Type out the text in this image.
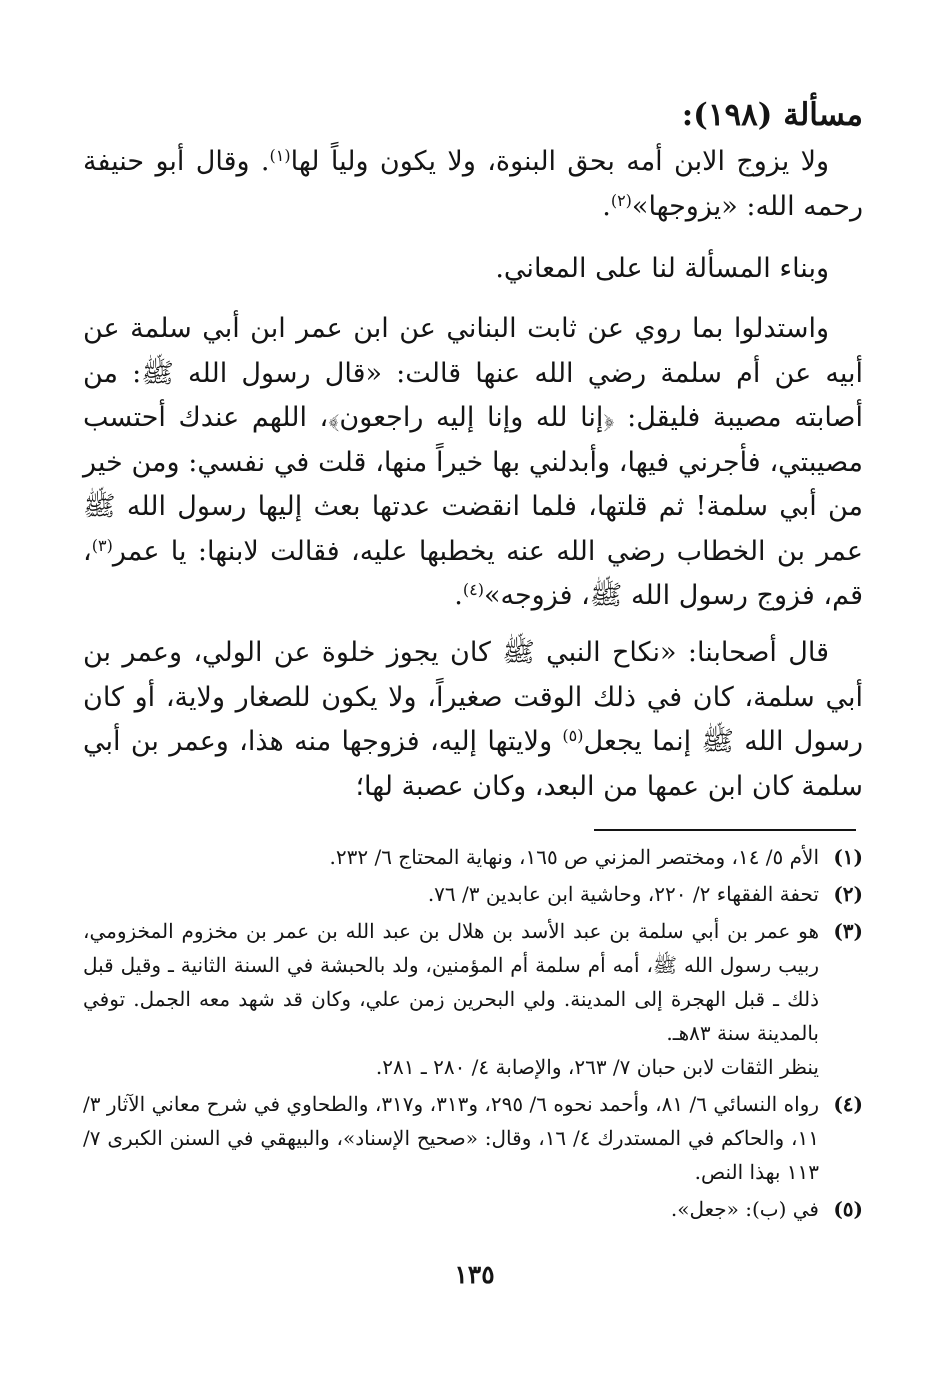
مسألة (١٩٨):
ولا يزوج الابن أمه بحق البنوة، ولا يكون ولياً لها$^{(١)}$. وقال أبو حنيفة رحمه الله: «يزوجها»$^{(٢)}$.
وبناء المسألة لنا على المعاني.
واستدلوا بما روي عن ثابت البناني عن ابن عمر ابن أبي سلمة عن أبيه عن أم سلمة رضي الله عنها قالت: «قال رسول الله ﷺ: من أصابته مصيبة فليقل: ﴿إنا لله وإنا إليه راجعون﴾، اللهم عندك أحتسب مصيبتي، فأجرني فيها، وأبدلني بها خيراً منها، قلت في نفسي: ومن خير من أبي سلمة! ثم قلتها، فلما انقضت عدتها بعث إليها رسول الله ﷺ عمر بن الخطاب رضي الله عنه يخطبها عليه، فقالت لابنها: يا عمر$^{(٣)}$، قم، فزوج رسول الله ﷺ، فزوجه»$^{(٤)}$.
قال أصحابنا: «نكاح النبي ﷺ كان يجوز خلوة عن الولي، وعمر بن أبي سلمة، كان في ذلك الوقت صغيراً، ولا يكون للصغار ولاية، أو كان رسول الله ﷺ إنما يجعل$^{(٥)}$ ولايتها إليه، فزوجها منه هذا، وعمر بن أبي سلمة كان ابن عمها من البعد، وكان عصبة لها؛
(١)
الأم ٥/ ١٤، ومختصر المزني ص ١٦٥، ونهاية المحتاج ٦/ ٢٣٢.
(٢)
تحفة الفقهاء ٢/ ٢٢٠، وحاشية ابن عابدين ٣/ ٧٦.
(٣)
هو عمر بن أبي سلمة بن عبد الأسد بن هلال بن عبد الله بن عمر بن مخزوم المخزومي، ربيب رسول الله ﷺ، أمه أم سلمة أم المؤمنين، ولد بالحبشة في السنة الثانية ـ وقيل قبل ذلك ـ قبل الهجرة إلى المدينة. ولي البحرين زمن علي، وكان قد شهد معه الجمل. توفي بالمدينة سنة ٨٣هـ.
ينظر الثقات لابن حبان ٧/ ٢٦٣، والإصابة ٤/ ٢٨٠ ـ ٢٨١.
(٤)
رواه النسائي ٦/ ٨١، وأحمد نحوه ٦/ ٢٩٥، و٣١٣، و٣١٧، والطحاوي في شرح معاني الآثار ٣/ ١١، والحاكم في المستدرك ٤/ ١٦، وقال: «صحيح الإسناد»، والبيهقي في السنن الكبرى ٧/ ١١٣ بهذا النص.
(٥)
في (ب): «جعل».
١٣٥
